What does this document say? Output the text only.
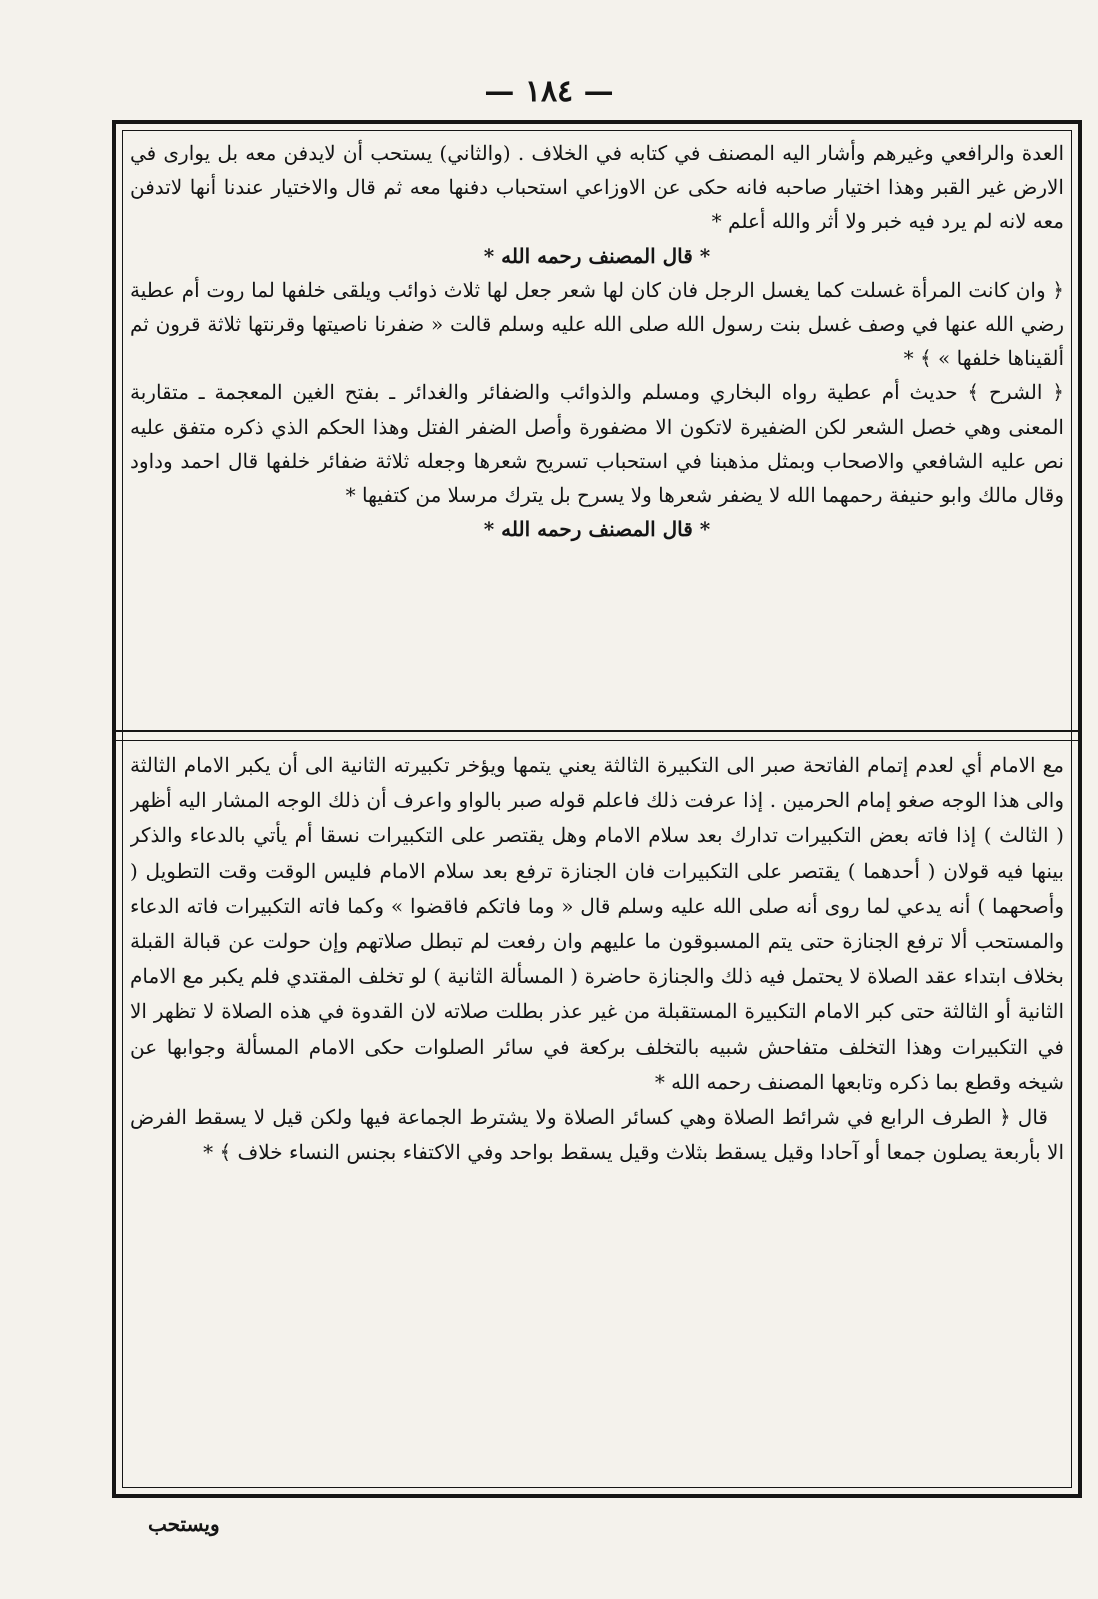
— ١٨٤ —

العدة والرافعي وغيرهم وأشار اليه المصنف في كتابه في الخلاف . (والثاني) يستحب أن لايدفن معه بل يوارى في الارض غير القبر وهذا اختيار صاحبه فانه حكى عن الاوزاعي استحباب دفنها معه ثم قال والاختيار عندنا أنها لاتدفن معه لانه لم يرد فيه خبر ولا أثر والله أعلم *

* قال المصنف رحمه الله *

﴿ وان كانت المرأة غسلت كما يغسل الرجل فان كان لها شعر جعل لها ثلاث ذوائب ويلقى خلفها لما روت أم عطية رضي الله عنها في وصف غسل بنت رسول الله صلى الله عليه وسلم قالت « ضفرنا ناصيتها وقرنتها ثلاثة قرون ثم ألقيناها خلفها » ﴾ *

﴿ الشرح ﴾ حديث أم عطية رواه البخاري ومسلم والذوائب والضفائر والغدائر ـ بفتح الغين المعجمة ـ متقاربة المعنى وهي خصل الشعر لكن الضفيرة لاتكون الا مضفورة وأصل الضفر الفتل وهذا الحكم الذي ذكره متفق عليه نص عليه الشافعي والاصحاب وبمثل مذهبنا في استحباب تسريح شعرها وجعله ثلاثة ضفائر خلفها قال احمد وداود وقال مالك وابو حنيفة رحمهما الله لا يضفر شعرها ولا يسرح بل يترك مرسلا من كتفيها *

* قال المصنف رحمه الله *

مع الامام أي لعدم إتمام الفاتحة صبر الى التكبيرة الثالثة يعني يتمها ويؤخر تكبيرته الثانية الى أن يكبر الامام الثالثة والى هذا الوجه صغو إمام الحرمين . إذا عرفت ذلك فاعلم قوله صبر بالواو واعرف أن ذلك الوجه المشار اليه أظهر ( الثالث ) إذا فاته بعض التكبيرات تدارك بعد سلام الامام وهل يقتصر على التكبيرات نسقا أم يأتي بالدعاء والذكر بينها فيه قولان ( أحدهما ) يقتصر على التكبيرات فان الجنازة ترفع بعد سلام الامام فليس الوقت وقت التطويل ( وأصحهما ) أنه يدعي لما روى أنه صلى الله عليه وسلم قال « وما فاتكم فاقضوا » وكما فاته التكبيرات فاته الدعاء والمستحب ألا ترفع الجنازة حتى يتم المسبوقون ما عليهم وان رفعت لم تبطل صلاتهم وإن حولت عن قبالة القبلة بخلاف ابتداء عقد الصلاة لا يحتمل فيه ذلك والجنازة حاضرة ( المسألة الثانية ) لو تخلف المقتدي فلم يكبر مع الامام الثانية أو الثالثة حتى كبر الامام التكبيرة المستقبلة من غير عذر بطلت صلاته لان القدوة في هذه الصلاة لا تظهر الا في التكبيرات وهذا التخلف متفاحش شبيه بالتخلف بركعة في سائر الصلوات حكى الامام المسألة وجوابها عن شيخه وقطع بما ذكره وتابعها المصنف رحمه الله *

قال ﴿ الطرف الرابع في شرائط الصلاة وهي كسائر الصلاة ولا يشترط الجماعة فيها ولكن قيل لا يسقط الفرض الا بأربعة يصلون جمعا أو آحادا وقيل يسقط بثلاث وقيل يسقط بواحد وفي الاكتفاء بجنس النساء خلاف ﴾ *

ويستحب
